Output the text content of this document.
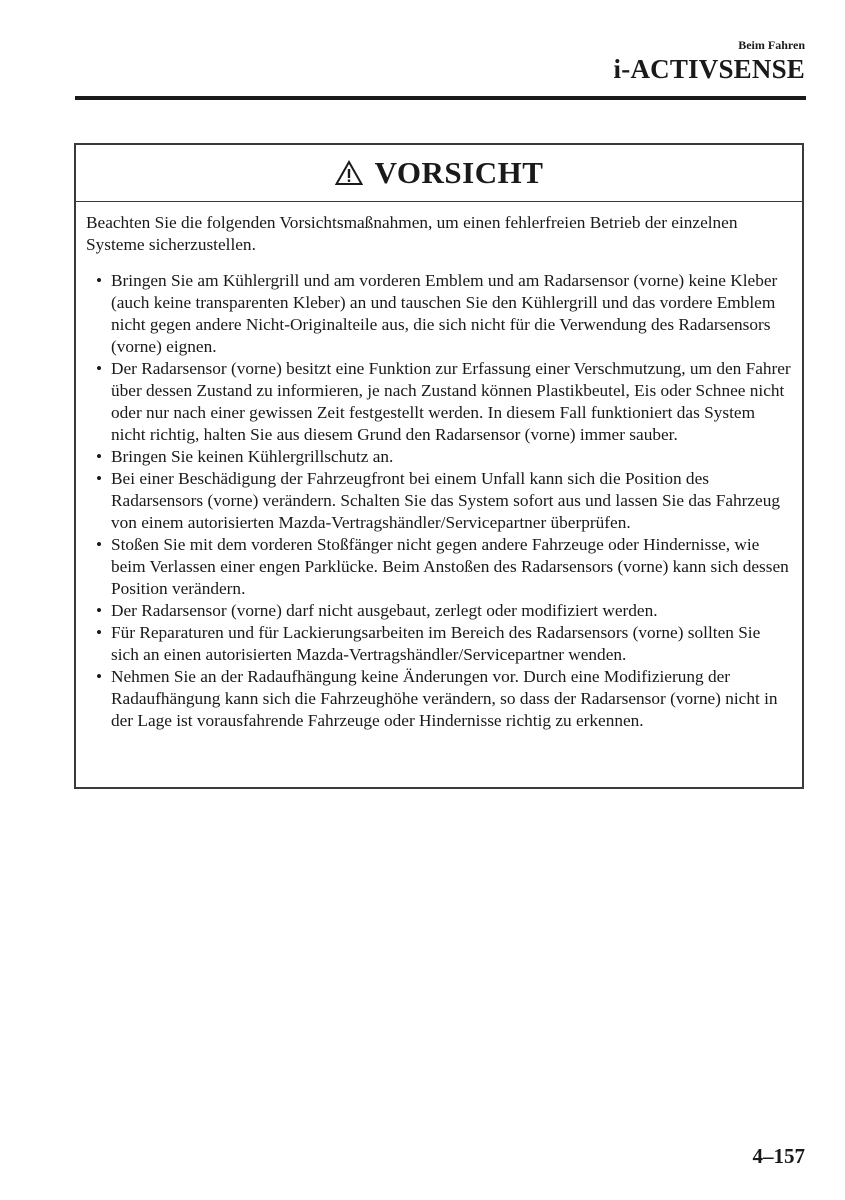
Beim Fahren
i-ACTIVSENSE
VORSICHT

Beachten Sie die folgenden Vorsichtsmaßnahmen, um einen fehlerfreien Betrieb der einzelnen Systeme sicherzustellen.

• Bringen Sie am Kühlergrill und am vorderen Emblem und am Radarsensor (vorne) keine Kleber (auch keine transparenten Kleber) an und tauschen Sie den Kühlergrill und das vordere Emblem nicht gegen andere Nicht-Originalteile aus, die sich nicht für die Verwendung des Radarsensors (vorne) eignen.
• Der Radarsensor (vorne) besitzt eine Funktion zur Erfassung einer Verschmutzung, um den Fahrer über dessen Zustand zu informieren, je nach Zustand können Plastikbeutel, Eis oder Schnee nicht oder nur nach einer gewissen Zeit festgestellt werden. In diesem Fall funktioniert das System nicht richtig, halten Sie aus diesem Grund den Radarsensor (vorne) immer sauber.
• Bringen Sie keinen Kühlergrillschutz an.
• Bei einer Beschädigung der Fahrzeugfront bei einem Unfall kann sich die Position des Radarsensors (vorne) verändern. Schalten Sie das System sofort aus und lassen Sie das Fahrzeug von einem autorisierten Mazda-Vertragshändler/Servicepartner überprüfen.
• Stoßen Sie mit dem vorderen Stoßfänger nicht gegen andere Fahrzeuge oder Hindernisse, wie beim Verlassen einer engen Parklücke. Beim Anstoßen des Radarsensors (vorne) kann sich dessen Position verändern.
• Der Radarsensor (vorne) darf nicht ausgebaut, zerlegt oder modifiziert werden.
• Für Reparaturen und für Lackierungsarbeiten im Bereich des Radarsensors (vorne) sollten Sie sich an einen autorisierten Mazda-Vertragshändler/Servicepartner wenden.
• Nehmen Sie an der Radaufhängung keine Änderungen vor. Durch eine Modifizierung der Radaufhängung kann sich die Fahrzeughöhe verändern, so dass der Radarsensor (vorne) nicht in der Lage ist vorausfahrende Fahrzeuge oder Hindernisse richtig zu erkennen.
4–157
